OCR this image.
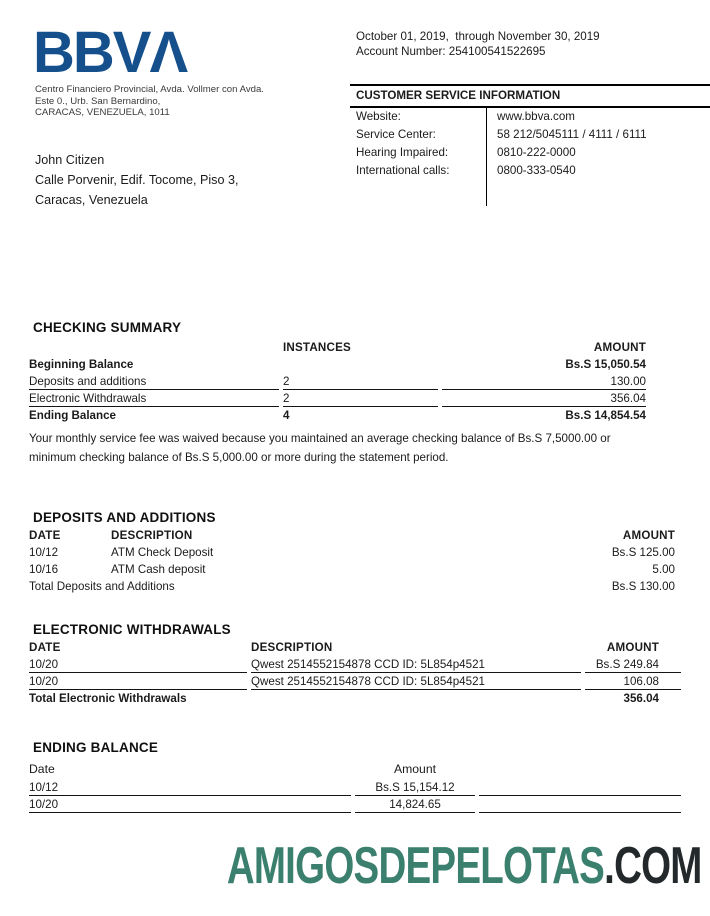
BBVΛ
Centro Financiero Provincial, Avda. Vollmer con Avda.
Este 0., Urb. San Bernardino,
CARACAS, VENEZUELA, 1011
John Citizen
Calle Porvenir, Edif. Tocome, Piso 3,
Caracas, Venezuela
October 01, 2019,  through November 30, 2019
Account Number: 254100541522695
CUSTOMER SERVICE INFORMATION
Website:	www.bbva.com
Service Center:	58 212/5045111 / 4111 / 6111
Hearing Impaired:	0810-222-0000
International calls:	0800-333-0540
CHECKING SUMMARY
	INSTANCES	AMOUNT
Beginning Balance		Bs.S 15,050.54
Deposits and additions	2	130.00
Electronic Withdrawals	2	356.04
Ending Balance	4	Bs.S 14,854.54
Your monthly service fee was waived because you maintained an average checking balance of Bs.S 7,5000.00 or
minimum checking balance of Bs.S 5,000.00 or more during the statement period.
DEPOSITS AND ADDITIONS
DATE	DESCRIPTION	AMOUNT
10/12	ATM Check Deposit	Bs.S 125.00
10/16	ATM Cash deposit	5.00
Total Deposits and Additions		Bs.S 130.00
ELECTRONIC WITHDRAWALS
DATE	DESCRIPTION	AMOUNT
10/20	Qwest 2514552154878 CCD ID: 5L854p4521	Bs.S 249.84
10/20	Qwest 2514552154878 CCD ID: 5L854p4521	106.08
Total Electronic Withdrawals		356.04
ENDING BALANCE
Date	Amount	
10/12	Bs.S 15,154.12	
10/20	14,824.65	
AMIGOSDEPELOTAS.COM
